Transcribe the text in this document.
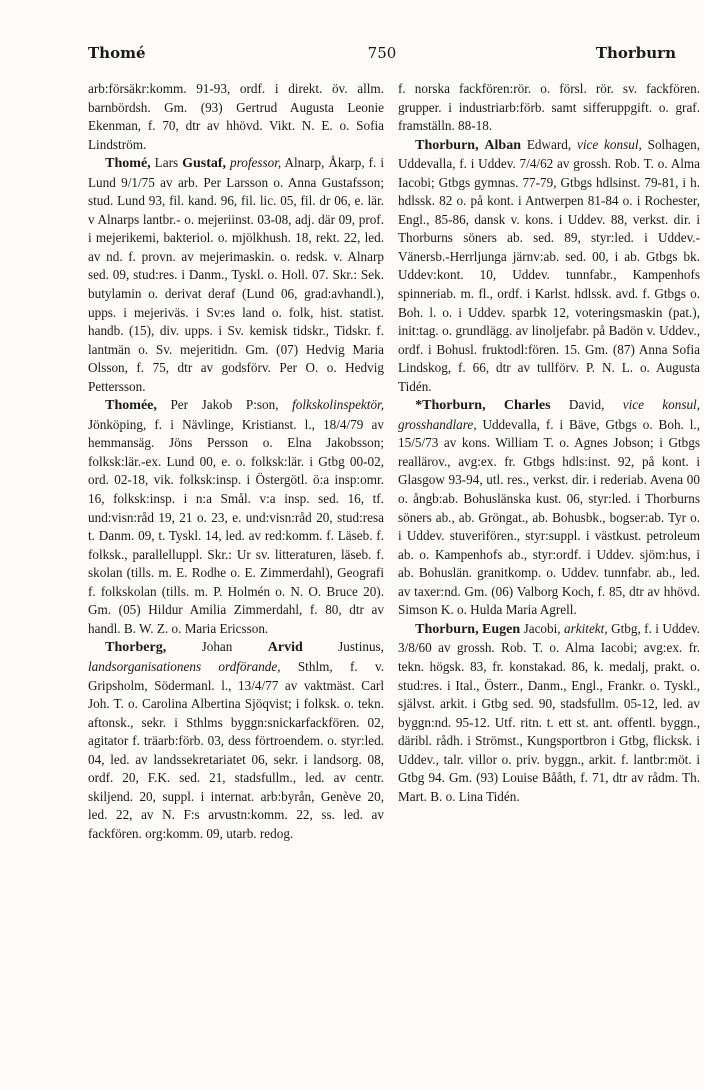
750
Thomé	Thorburn

arb:försäkr:komm. 91-93, ordf. i direkt. öv. allm. barnbördsh. Gm. (93) Gertrud Augusta Leonie Ekenman, f. 70, dtr av hhövd. Vikt. N. E. o. Sofia Lindström.

Thomé, Lars Gustaf, professor, Alnarp, Åkarp, f. i Lund 9/1/75 av arb. Per Larsson o. Anna Gustafsson; stud. Lund 93, fil. kand. 96, fil. lic. 05, fil. dr 06, e. lär. v Alnarps lantbr.- o. mejeriinst. 03-08, adj. där 09, prof. i mejerikemi, bakteriol. o. mjölkhush. 18, rekt. 22, led. av nd. f. provn. av mejerimaskin. o. redsk. v. Alnarp sed. 09, stud:res. i Danm., Tyskl. o. Holl. 07. Skr.: Sek. butylamin o. derivat deraf (Lund 06, grad:avhandl.), upps. i mejeriväs. i Sv:es land o. folk, hist. statist. handb. (15), div. upps. i Sv. kemisk tidskr., Tidskr. f. lantmän o. Sv. mejeritidn. Gm. (07) Hedvig Maria Olsson, f. 75, dtr av godsförv. Per O. o. Hedvig Pettersson.

Thomée, Per Jakob P:son, folkskolinspektör, Jönköping, f. i Nävlinge, Kristianst. l., 18/4/79 av hemmansäg. Jöns Persson o. Elna Jakobsson; folksk:lär.-ex. Lund 00, e. o. folksk:lär. i Gtbg 00-02, ord. 02-18, vik. folksk:insp. i Östergötl. ö:a insp:omr. 16, folksk:insp. i n:a Smål. v:a insp. sed. 16, tf. und:visn:råd 19, 21 o. 23, e. und:visn:råd 20, stud:resa t. Danm. 09, t. Tyskl. 14, led. av red:komm. f. Läseb. f. folksk., parallelluppl. Skr.: Ur sv. litteraturen, läseb. f. skolan (tills. m. E. Rodhe o. E. Zimmerdahl), Geografi f. folkskolan (tills. m. P. Holmén o. N. O. Bruce 20). Gm. (05) Hildur Amilia Zimmerdahl, f. 80, dtr av handl. B. W. Z. o. Maria Ericsson.

Thorberg, Johan Arvid Justinus, landsorganisationens ordförande, Sthlm, f. v. Gripsholm, Södermanl. l., 13/4/77 av vaktmäst. Carl Joh. T. o. Carolina Albertina Sjöqvist; i folksk. o. tekn. aftonsk., sekr. i Sthlms byggn:snickarfackfören. 02, agitator f. träarb:förb. 03, dess förtroendem. o. styr:led. 04, led. av landssekretariatet 06, sekr. i landsorg. 08, ordf. 20, F.K. sed. 21, stadsfullm., led. av centr. skiljend. 20, suppl. i internat. arb:byrån, Genève 20, led. 22, av N. F:s arvustn:komm. 22, ss. led. av fackfören. org:komm. 09, utarb. redog.

f. norska fackfören:rör. o. försl. rör. sv. fackfören. grupper. i industriarb:förb. samt sifferuppgift. o. graf. framställn. 88-18.

Thorburn, Alban Edward, vice konsul, Solhagen, Uddevalla, f. i Uddev. 7/4/62 av grossh. Rob. T. o. Alma Iacobi; Gtbgs gymnas. 77-79, Gtbgs hdlsinst. 79-81, i h. hdlssk. 82 o. på kont. i Antwerpen 81-84 o. i Rochester, Engl., 85-86, dansk v. kons. i Uddev. 88, verkst. dir. i Thorburns söners ab. sed. 89, styr:led. i Uddev.-Vänersb.-Herrljunga järnv:ab. sed. 00, i ab. Gtbgs bk. Uddev:kont. 10, Uddev. tunnfabr., Kampenhofs spinneriab. m. fl., ordf. i Karlst. hdlssk. avd. f. Gtbgs o. Boh. l. o. i Uddev. sparbk 12, voteringsmaskin (pat.), init:tag. o. grundlägg. av linoljefabr. på Badön v. Uddev., ordf. i Bohusl. fruktodl:fören. 15. Gm. (87) Anna Sofia Lindskog, f. 66, dtr av tullförv. P. N. L. o. Augusta Tidén.

*Thorburn, Charles David, vice konsul, grosshandlare, Uddevalla, f. i Bäve, Gtbgs o. Boh. l., 15/5/73 av kons. William T. o. Agnes Jobson; i Gtbgs reallärov., avg:ex. fr. Gtbgs hdls:inst. 92, på kont. i Glasgow 93-94, utl. res., verkst. dir. i rederiab. Avena 00 o. ångb:ab. Bohuslänska kust. 06, styr:led. i Thorburns söners ab., ab. Gröngat., ab. Bohusbk., bogser:ab. Tyr o. i Uddev. stuverifören., styr:suppl. i västkust. petroleum ab. o. Kampenhofs ab., styr:ordf. i Uddev. sjöm:hus, i ab. Bohuslän. granitkomp. o. Uddev. tunnfabr. ab., led. av taxer:nd. Gm. (06) Valborg Koch, f. 85, dtr av hhövd. Simson K. o. Hulda Maria Agrell.

Thorburn, Eugen Jacobi, arkitekt, Gtbg, f. i Uddev. 3/8/60 av grossh. Rob. T. o. Alma Iacobi; avg:ex. fr. tekn. högsk. 83, fr. konstakad. 86, k. medalj, prakt. o. stud:res. i Ital., Österr., Danm., Engl., Frankr. o. Tyskl., självst. arkit. i Gtbg sed. 90, stadsfullm. 05-12, led. av byggn:nd. 95-12. Utf. ritn. t. ett st. ant. offentl. byggn., däribl. rådh. i Strömst., Kungsportbron i Gtbg, flicksk. i Uddev., talr. villor o. priv. byggn., arkit. f. lantbr:möt. i Gtbg 94. Gm. (93) Louise Bååth, f. 71, dtr av rådm. Th. Mart. B. o. Lina Tidén.
